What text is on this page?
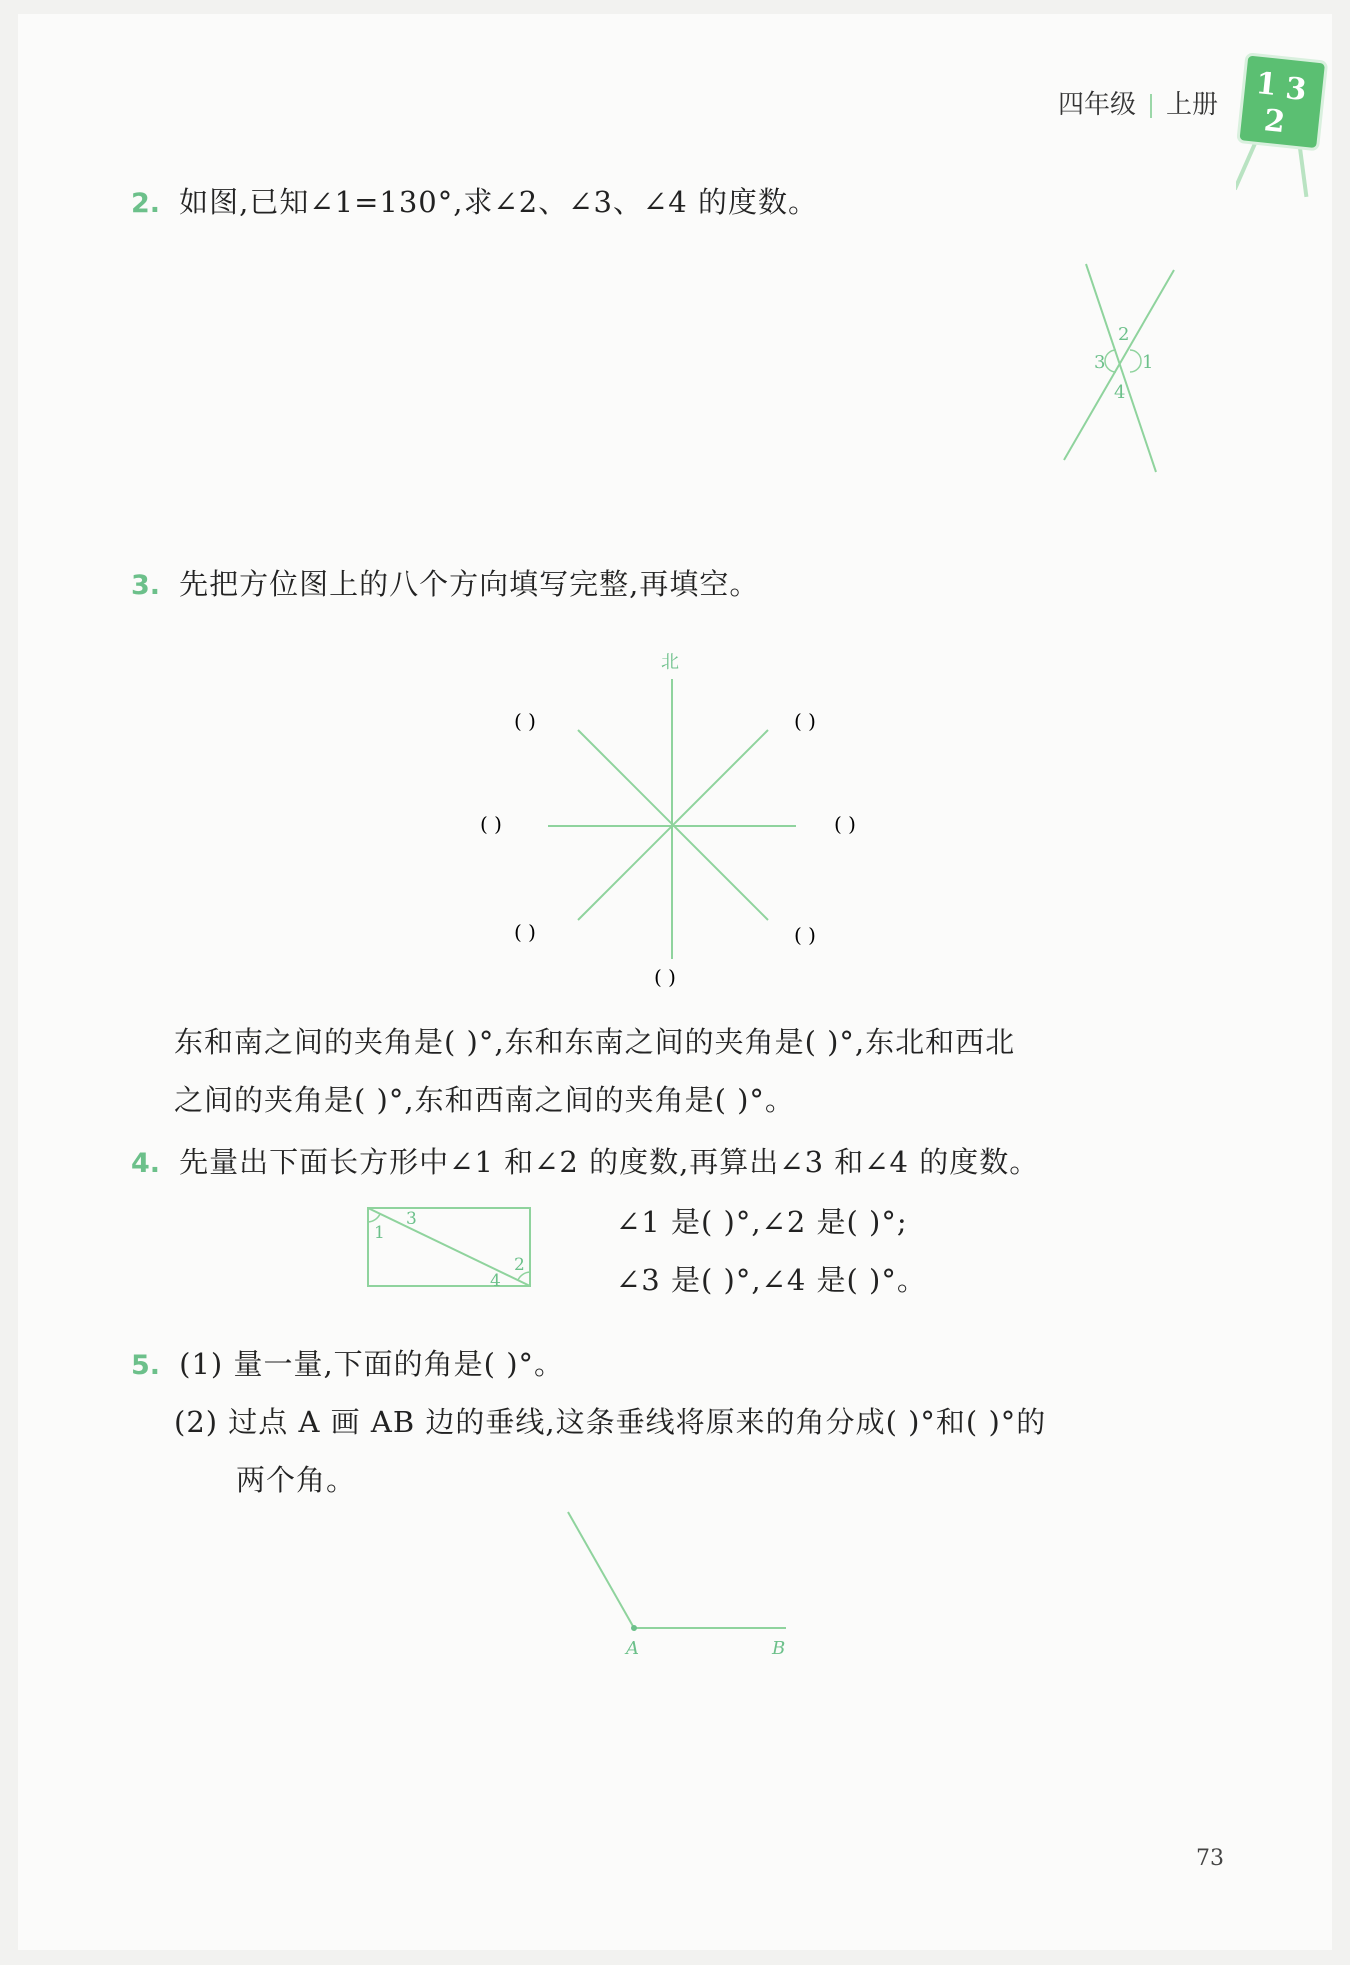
四年级 上册
1 3
2
2. 如图,已知∠1=130°,求∠2、∠3、∠4 的度数。
2
3 1
4
3. 先把方位图上的八个方向填写完整,再填空。
北
( )	( )
( )	( )
( )	( )
( )
东和南之间的夹角是( )°,东和东南之间的夹角是( )°,东北和西北
之间的夹角是( )°,东和西南之间的夹角是( )°。
4. 先量出下面长方形中∠1 和∠2 的度数,再算出∠3 和∠4 的度数。
1
3
2
4
∠1 是( )°,∠2 是( )°;
∠3 是( )°,∠4 是( )°。
5. (1) 量一量,下面的角是( )°。
(2) 过点 A 画 AB 边的垂线,这条垂线将原来的角分成( )°和( )°的
两个角。
A	B
73
